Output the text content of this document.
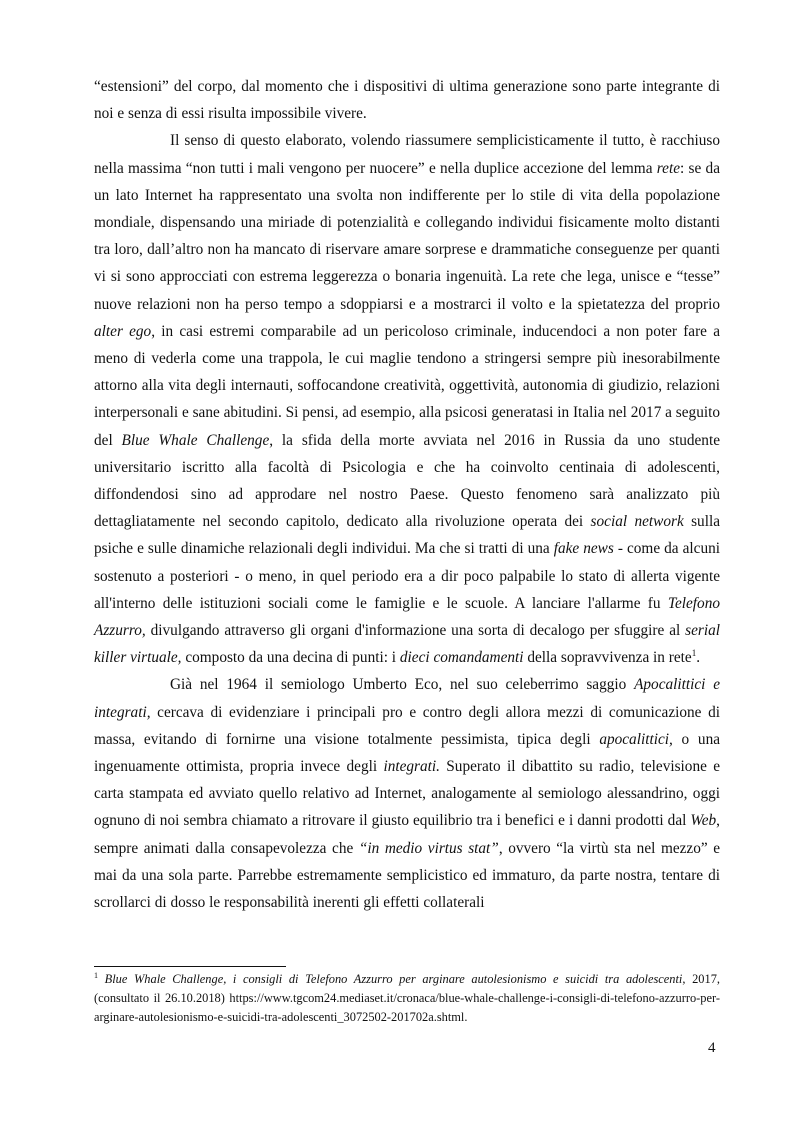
“estensioni” del corpo, dal momento che i dispositivi di ultima generazione sono parte integrante di noi e senza di essi risulta impossibile vivere.

Il senso di questo elaborato, volendo riassumere semplicisticamente il tutto, è racchiuso nella massima “non tutti i mali vengono per nuocere” e nella duplice accezione del lemma rete: se da un lato Internet ha rappresentato una svolta non indifferente per lo stile di vita della popolazione mondiale, dispensando una miriade di potenzialità e collegando individui fisicamente molto distanti tra loro, dall’altro non ha mancato di riservare amare sorprese e drammatiche conseguenze per quanti vi si sono approcciati con estrema leggerezza o bonaria ingenuità. La rete che lega, unisce e “tesse” nuove relazioni non ha perso tempo a sdoppiarsi e a mostrarci il volto e la spietatezza del proprio alter ego, in casi estremi comparabile ad un pericoloso criminale, inducendoci a non poter fare a meno di vederla come una trappola, le cui maglie tendono a stringersi sempre più inesorabilmente attorno alla vita degli internauti, soffocandone creatività, oggettività, autonomia di giudizio, relazioni interpersonali e sane abitudini. Si pensi, ad esempio, alla psicosi generatasi in Italia nel 2017 a seguito del Blue Whale Challenge, la sfida della morte avviata nel 2016 in Russia da uno studente universitario iscritto alla facoltà di Psicologia e che ha coinvolto centinaia di adolescenti, diffondendosi sino ad approdare nel nostro Paese. Questo fenomeno sarà analizzato più dettagliatamente nel secondo capitolo, dedicato alla rivoluzione operata dei social network sulla psiche e sulle dinamiche relazionali degli individui. Ma che si tratti di una fake news - come da alcuni sostenuto a posteriori - o meno, in quel periodo era a dir poco palpabile lo stato di allerta vigente all'interno delle istituzioni sociali come le famiglie e le scuole. A lanciare l'allarme fu Telefono Azzurro, divulgando attraverso gli organi d'informazione una sorta di decalogo per sfuggire al serial killer virtuale, composto da una decina di punti: i dieci comandamenti della sopravvivenza in rete$^1$.

Già nel 1964 il semiologo Umberto Eco, nel suo celeberrimo saggio Apocalittici e integrati, cercava di evidenziare i principali pro e contro degli allora mezzi di comunicazione di massa, evitando di fornirne una visione totalmente pessimista, tipica degli apocalittici, o una ingenuamente ottimista, propria invece degli integrati. Superato il dibattito su radio, televisione e carta stampata ed avviato quello relativo ad Internet, analogamente al semiologo alessandrino, oggi ognuno di noi sembra chiamato a ritrovare il giusto equilibrio tra i benefici e i danni prodotti dal Web, sempre animati dalla consapevolezza che “in medio virtus stat”, ovvero “la virtù sta nel mezzo” e mai da una sola parte. Parrebbe estremamente semplicistico ed immaturo, da parte nostra, tentare di scrollarci di dosso le responsabilità inerenti gli effetti collaterali

$^1$ Blue Whale Challenge, i consigli di Telefono Azzurro per arginare autolesionismo e suicidi tra adolescenti, 2017, (consultato il 26.10.2018) https://www.tgcom24.mediaset.it/cronaca/blue-whale-challenge-i-consigli-di-telefono-azzurro-per-arginare-autolesionismo-e-suicidi-tra-adolescenti_3072502-201702a.shtml.
4
